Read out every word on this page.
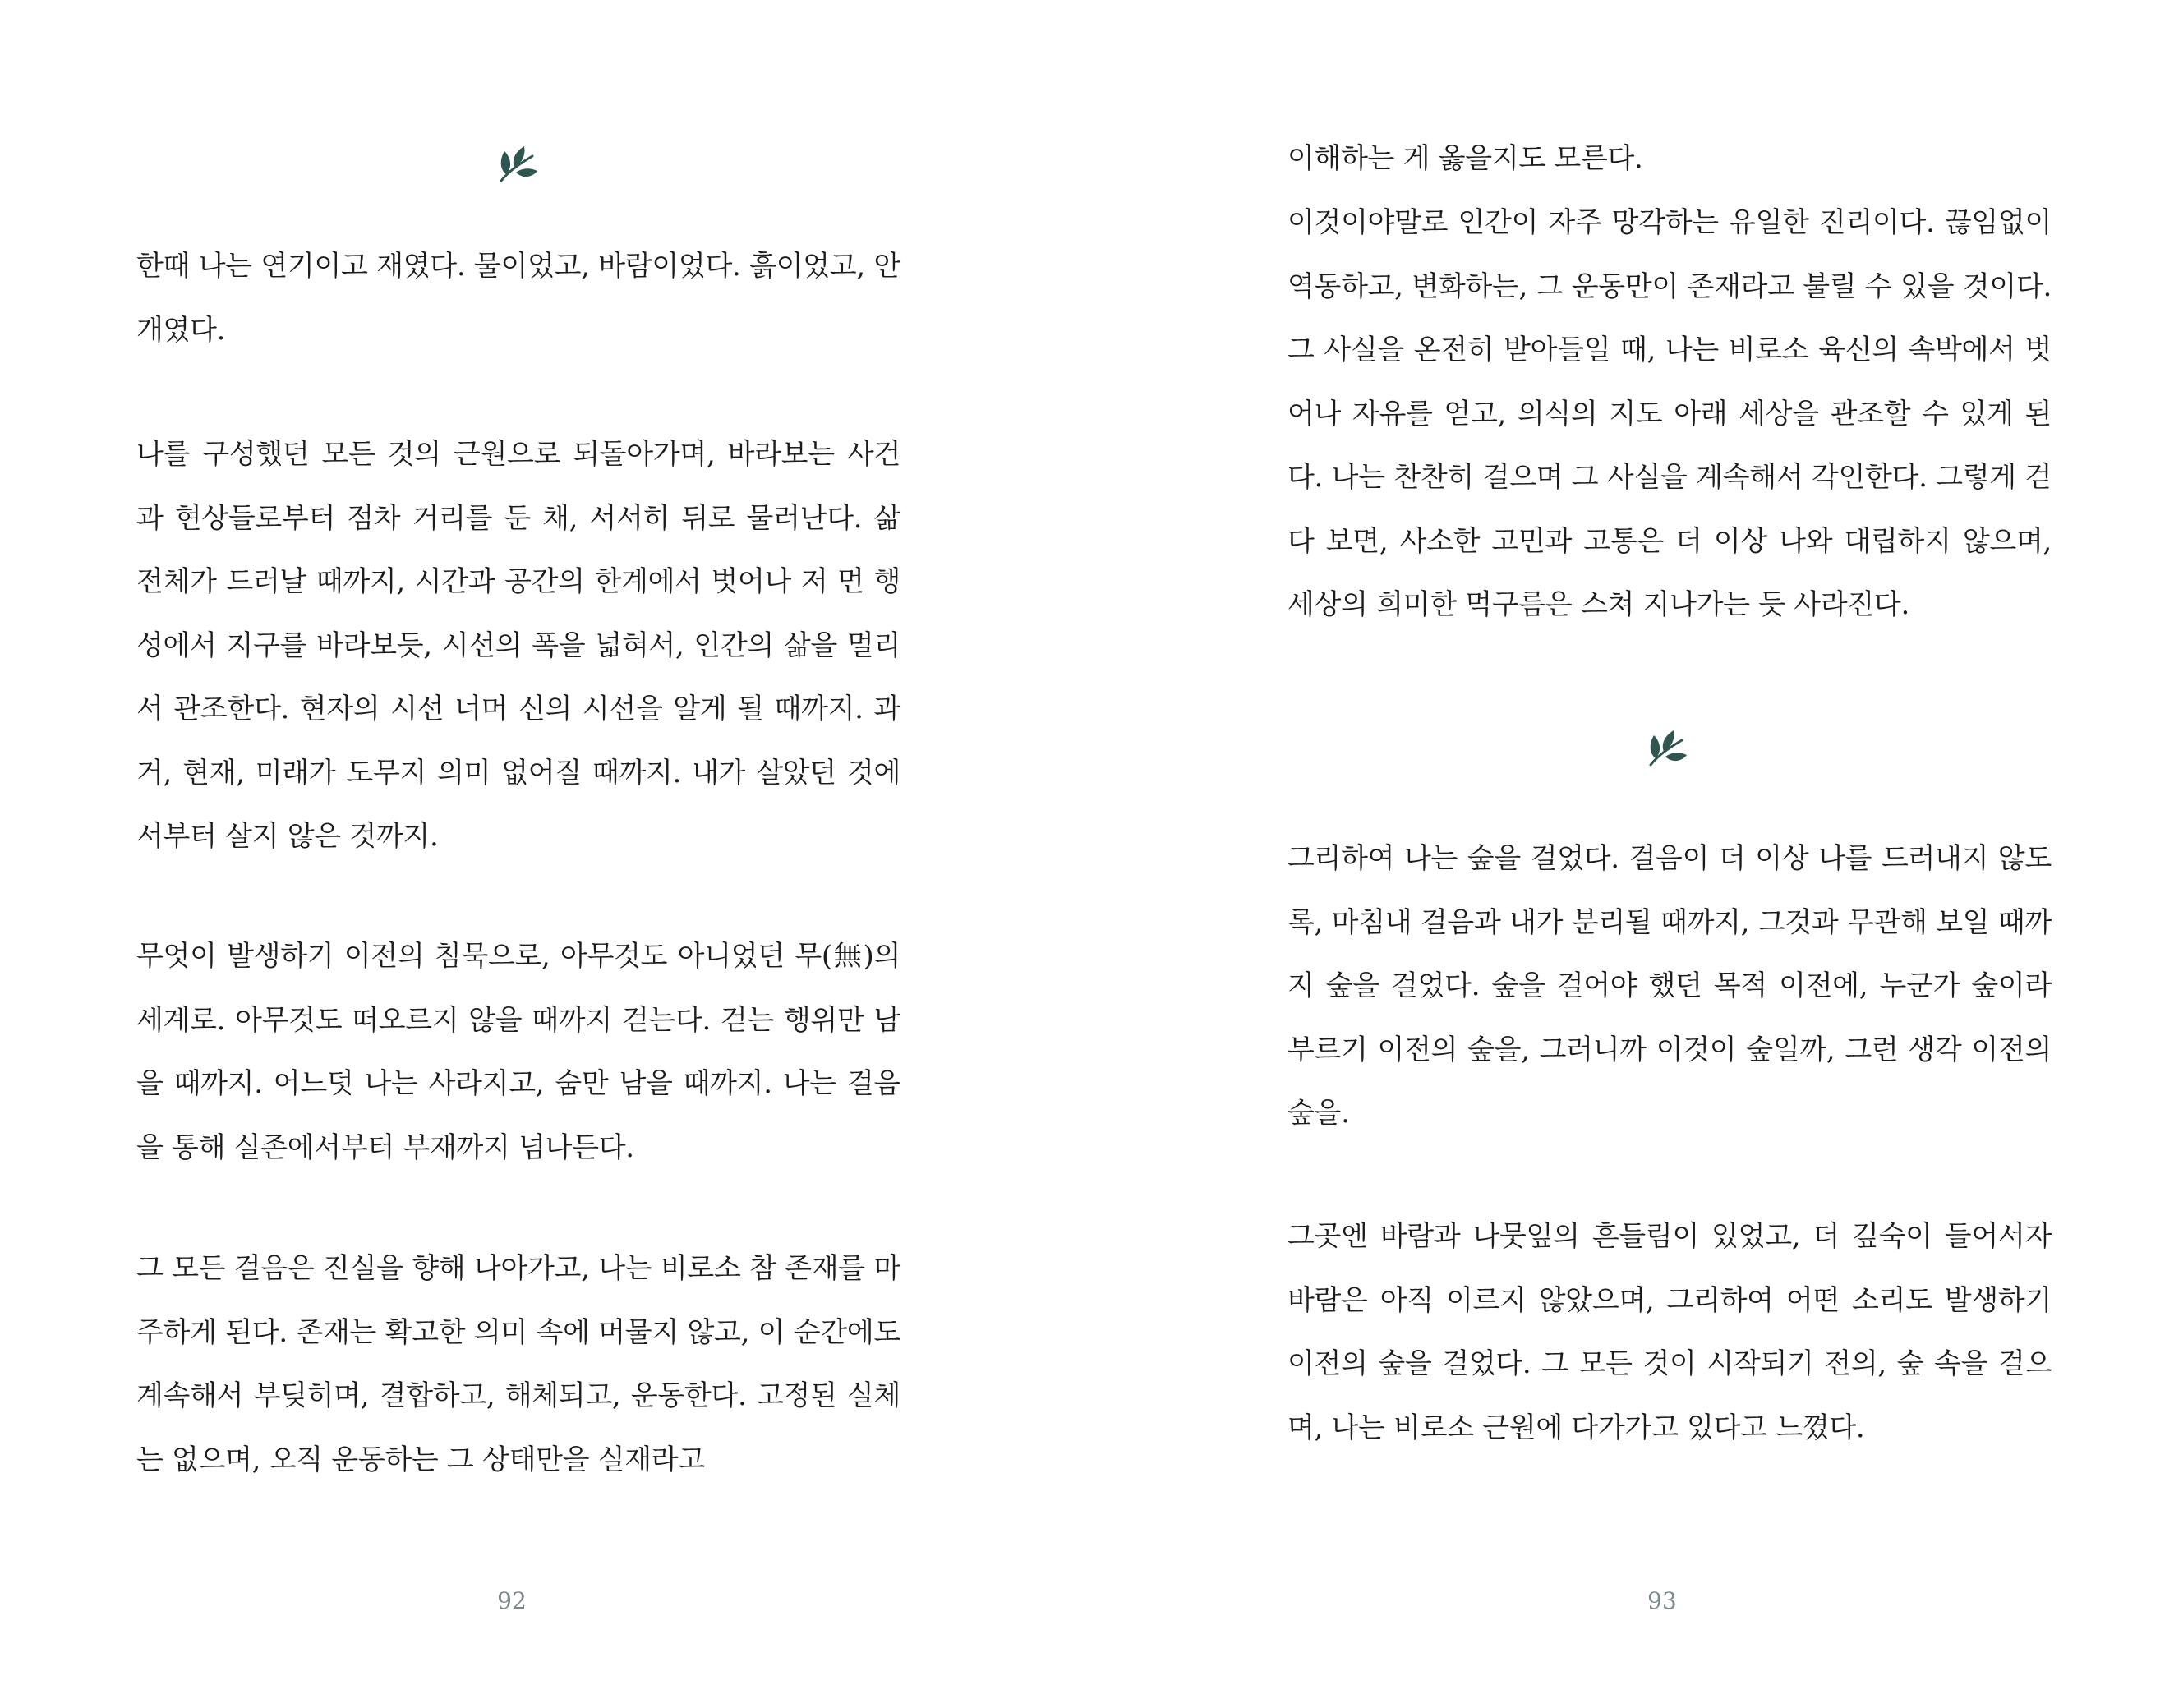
한때 나는 연기이고 재였다. 물이었고, 바람이었다. 흙이었고, 안개였다.

나를 구성했던 모든 것의 근원으로 되돌아가며, 바라보는 사건과 현상들로부터 점차 거리를 둔 채, 서서히 뒤로 물러난다. 삶 전체가 드러날 때까지, 시간과 공간의 한계에서 벗어나 저 먼 행성에서 지구를 바라보듯, 시선의 폭을 넓혀서, 인간의 삶을 멀리서 관조한다. 현자의 시선 너머 신의 시선을 알게 될 때까지. 과거, 현재, 미래가 도무지 의미 없어질 때까지. 내가 살았던 것에서부터 살지 않은 것까지.

무엇이 발생하기 이전의 침묵으로, 아무것도 아니었던 무(無)의 세계로. 아무것도 떠오르지 않을 때까지 걷는다. 걷는 행위만 남을 때까지. 어느덧 나는 사라지고, 숨만 남을 때까지. 나는 걸음을 통해 실존에서부터 부재까지 넘나든다.

그 모든 걸음은 진실을 향해 나아가고, 나는 비로소 참 존재를 마주하게 된다. 존재는 확고한 의미 속에 머물지 않고, 이 순간에도 계속해서 부딪히며, 결합하고, 해체되고, 운동한다. 고정된 실체는 없으며, 오직 운동하는 그 상태만을 실재라고

92

이해하는 게 옳을지도 모른다.

이것이야말로 인간이 자주 망각하는 유일한 진리이다. 끊임없이 역동하고, 변화하는, 그 운동만이 존재라고 불릴 수 있을 것이다. 그 사실을 온전히 받아들일 때, 나는 비로소 육신의 속박에서 벗어나 자유를 얻고, 의식의 지도 아래 세상을 관조할 수 있게 된다. 나는 찬찬히 걸으며 그 사실을 계속해서 각인한다. 그렇게 걷다 보면, 사소한 고민과 고통은 더 이상 나와 대립하지 않으며, 세상의 희미한 먹구름은 스쳐 지나가는 듯 사라진다.

그리하여 나는 숲을 걸었다. 걸음이 더 이상 나를 드러내지 않도록, 마침내 걸음과 내가 분리될 때까지, 그것과 무관해 보일 때까지 숲을 걸었다. 숲을 걸어야 했던 목적 이전에, 누군가 숲이라 부르기 이전의 숲을, 그러니까 이것이 숲일까, 그런 생각 이전의 숲을.

그곳엔 바람과 나뭇잎의 흔들림이 있었고, 더 깊숙이 들어서자 바람은 아직 이르지 않았으며, 그리하여 어떤 소리도 발생하기 이전의 숲을 걸었다. 그 모든 것이 시작되기 전의, 숲 속을 걸으며, 나는 비로소 근원에 다가가고 있다고 느꼈다.

93
